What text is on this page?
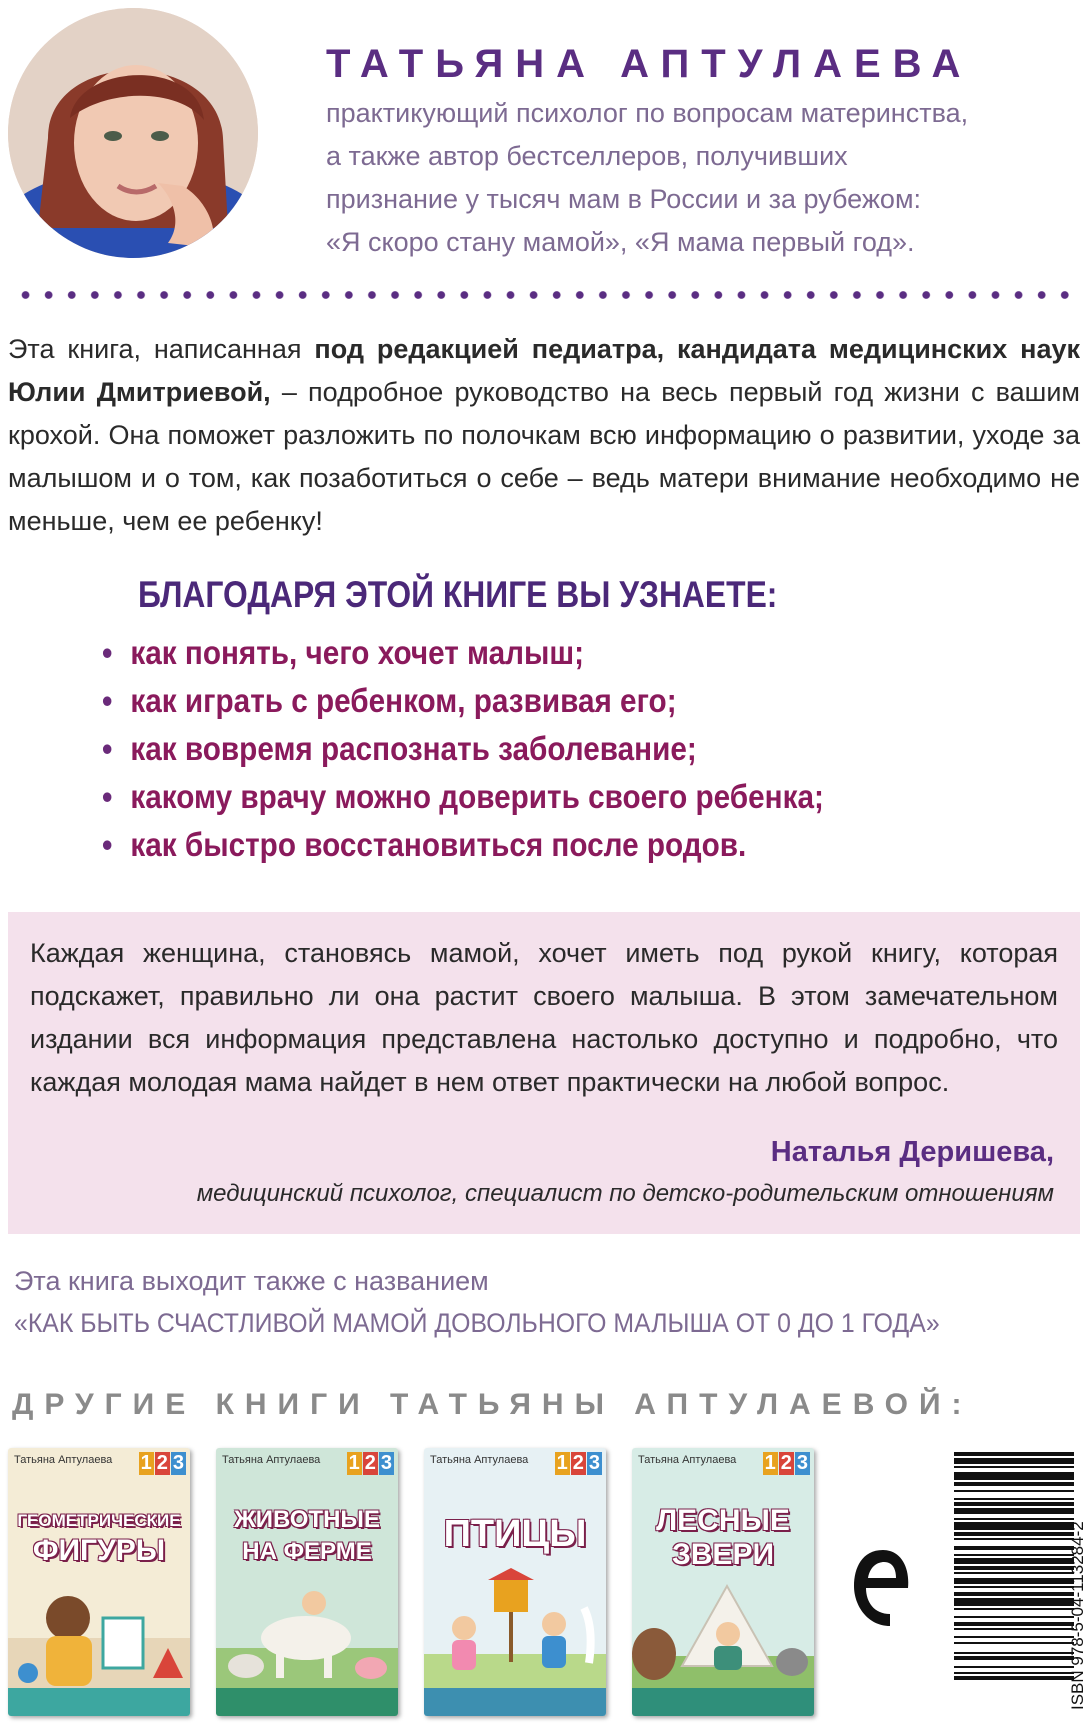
ТАТЬЯНА АПТУЛАЕВА
практикующий психолог по вопросам материнства,
а также автор бестселлеров, получивших
признание у тысяч мам в России и за рубежом:
«Я скоро стану мамой», «Я мама первый год».
Эта книга, написанная под редакцией педиатра, кандидата медицинских наук Юлии Дмитриевой, – подробное руководство на весь первый год жизни с вашим крохой. Она поможет разложить по полочкам всю информацию о развитии, уходе за малышом и о том, как позаботиться о себе – ведь матери внимание необходимо не меньше, чем ее ребенку!
БЛАГОДАРЯ ЭТОЙ КНИГЕ ВЫ УЗНАЕТЕ:
• как понять, чего хочет малыш;
• как играть с ребенком, развивая его;
• как вовремя распознать заболевание;
• какому врачу можно доверить своего ребенка;
• как быстро восстановиться после родов.
Каждая женщина, становясь мамой, хочет иметь под рукой книгу, которая подскажет, правильно ли она растит своего малыша. В этом замечательном издании вся информация представлена настолько доступно и подробно, что каждая молодая мама найдет в нем ответ практически на любой вопрос.
Наталья Деришева,
медицинский психолог, специалист по детско-родительским отношениям
Эта книга выходит также с названием
«КАК БЫТЬ СЧАСТЛИВОЙ МАМОЙ ДОВОЛЬНОГО МАЛЫША ОТ 0 ДО 1 ГОДА»
ДРУГИЕ КНИГИ ТАТЬЯНЫ АПТУЛАЕВОЙ:
Татьяна Аптулаева 1 2 3
ГЕОМЕТРИЧЕСКИЕ
ФИГУРЫ
Татьяна Аптулаева 1 2 3
ЖИВОТНЫЕ
НА ФЕРМЕ
Татьяна Аптулаева 1 2 3
ПТИЦЫ
Татьяна Аптулаева 1 2 3
ЛЕСНЫЕ
ЗВЕРИ	ISBN 978-5-04-113284-2
